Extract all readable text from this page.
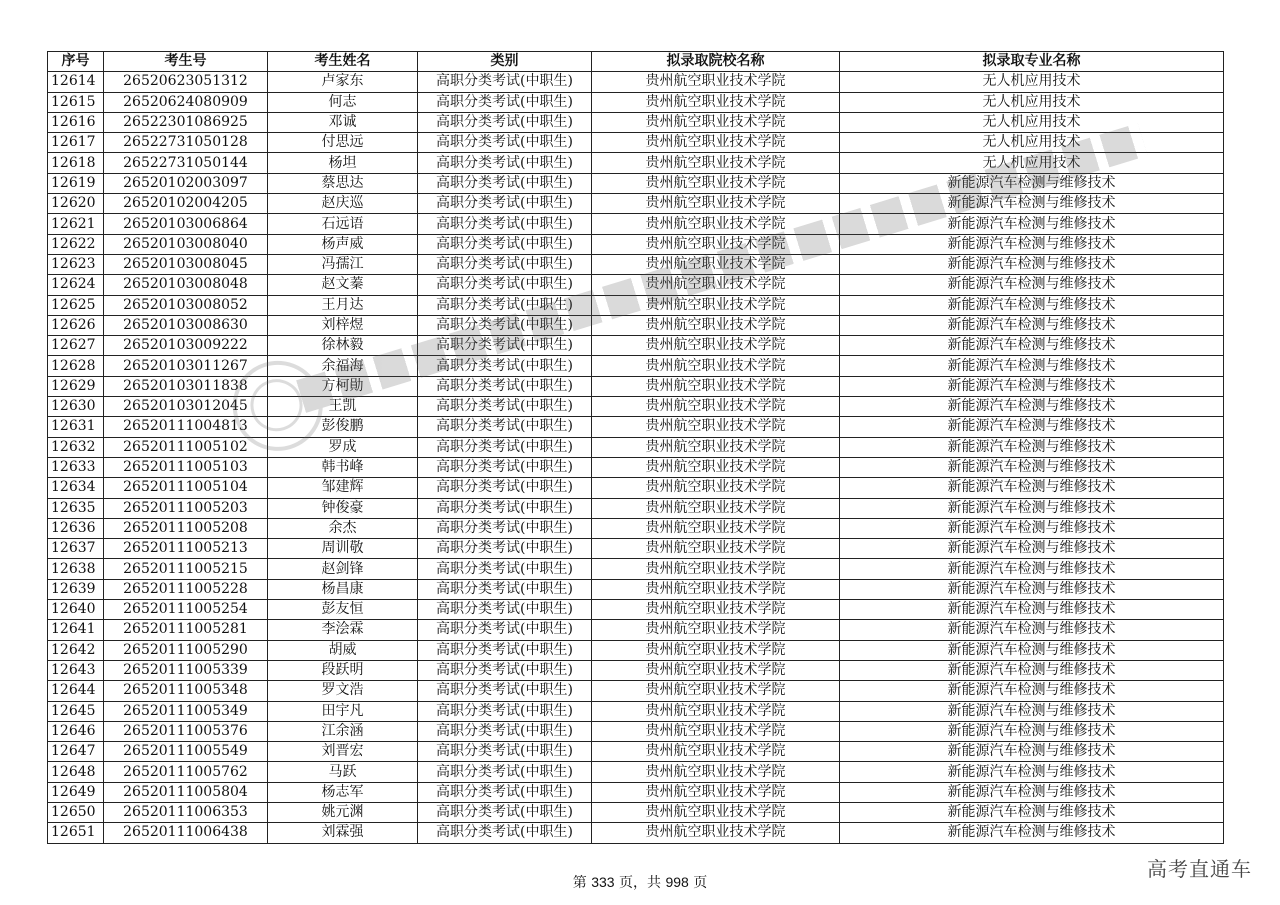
序号	考生号	考生姓名	类别	拟录取院校名称	拟录取专业名称
12614	26520623051312	卢家东	高职分类考试(中职生)	贵州航空职业技术学院	无人机应用技术
12615	26520624080909	何志	高职分类考试(中职生)	贵州航空职业技术学院	无人机应用技术
12616	26522301086925	邓诚	高职分类考试(中职生)	贵州航空职业技术学院	无人机应用技术
12617	26522731050128	付思远	高职分类考试(中职生)	贵州航空职业技术学院	无人机应用技术
12618	26522731050144	杨坦	高职分类考试(中职生)	贵州航空职业技术学院	无人机应用技术
12619	26520102003097	蔡思达	高职分类考试(中职生)	贵州航空职业技术学院	新能源汽车检测与维修技术
12620	26520102004205	赵庆巡	高职分类考试(中职生)	贵州航空职业技术学院	新能源汽车检测与维修技术
12621	26520103006864	石远语	高职分类考试(中职生)	贵州航空职业技术学院	新能源汽车检测与维修技术
12622	26520103008040	杨声威	高职分类考试(中职生)	贵州航空职业技术学院	新能源汽车检测与维修技术
12623	26520103008045	冯孺江	高职分类考试(中职生)	贵州航空职业技术学院	新能源汽车检测与维修技术
12624	26520103008048	赵文蓁	高职分类考试(中职生)	贵州航空职业技术学院	新能源汽车检测与维修技术
12625	26520103008052	王月达	高职分类考试(中职生)	贵州航空职业技术学院	新能源汽车检测与维修技术
12626	26520103008630	刘梓煜	高职分类考试(中职生)	贵州航空职业技术学院	新能源汽车检测与维修技术
12627	26520103009222	徐林毅	高职分类考试(中职生)	贵州航空职业技术学院	新能源汽车检测与维修技术
12628	26520103011267	余福海	高职分类考试(中职生)	贵州航空职业技术学院	新能源汽车检测与维修技术
12629	26520103011838	方柯勛	高职分类考试(中职生)	贵州航空职业技术学院	新能源汽车检测与维修技术
12630	26520103012045	王凯	高职分类考试(中职生)	贵州航空职业技术学院	新能源汽车检测与维修技术
12631	26520111004813	彭俊鹏	高职分类考试(中职生)	贵州航空职业技术学院	新能源汽车检测与维修技术
12632	26520111005102	罗成	高职分类考试(中职生)	贵州航空职业技术学院	新能源汽车检测与维修技术
12633	26520111005103	韩书峰	高职分类考试(中职生)	贵州航空职业技术学院	新能源汽车检测与维修技术
12634	26520111005104	邹建辉	高职分类考试(中职生)	贵州航空职业技术学院	新能源汽车检测与维修技术
12635	26520111005203	钟俊豪	高职分类考试(中职生)	贵州航空职业技术学院	新能源汽车检测与维修技术
12636	26520111005208	余杰	高职分类考试(中职生)	贵州航空职业技术学院	新能源汽车检测与维修技术
12637	26520111005213	周训敬	高职分类考试(中职生)	贵州航空职业技术学院	新能源汽车检测与维修技术
12638	26520111005215	赵剑锋	高职分类考试(中职生)	贵州航空职业技术学院	新能源汽车检测与维修技术
12639	26520111005228	杨昌康	高职分类考试(中职生)	贵州航空职业技术学院	新能源汽车检测与维修技术
12640	26520111005254	彭友恒	高职分类考试(中职生)	贵州航空职业技术学院	新能源汽车检测与维修技术
12641	26520111005281	李浍霖	高职分类考试(中职生)	贵州航空职业技术学院	新能源汽车检测与维修技术
12642	26520111005290	胡威	高职分类考试(中职生)	贵州航空职业技术学院	新能源汽车检测与维修技术
12643	26520111005339	段跃明	高职分类考试(中职生)	贵州航空职业技术学院	新能源汽车检测与维修技术
12644	26520111005348	罗文浩	高职分类考试(中职生)	贵州航空职业技术学院	新能源汽车检测与维修技术
12645	26520111005349	田宇凡	高职分类考试(中职生)	贵州航空职业技术学院	新能源汽车检测与维修技术
12646	26520111005376	江余涵	高职分类考试(中职生)	贵州航空职业技术学院	新能源汽车检测与维修技术
12647	26520111005549	刘晋宏	高职分类考试(中职生)	贵州航空职业技术学院	新能源汽车检测与维修技术
12648	26520111005762	马跃	高职分类考试(中职生)	贵州航空职业技术学院	新能源汽车检测与维修技术
12649	26520111005804	杨志军	高职分类考试(中职生)	贵州航空职业技术学院	新能源汽车检测与维修技术
12650	26520111006353	姚元渊	高职分类考试(中职生)	贵州航空职业技术学院	新能源汽车检测与维修技术
12651	26520111006438	刘霖强	高职分类考试(中职生)	贵州航空职业技术学院	新能源汽车检测与维修技术
第 333 页，共 998 页
高考直通车
